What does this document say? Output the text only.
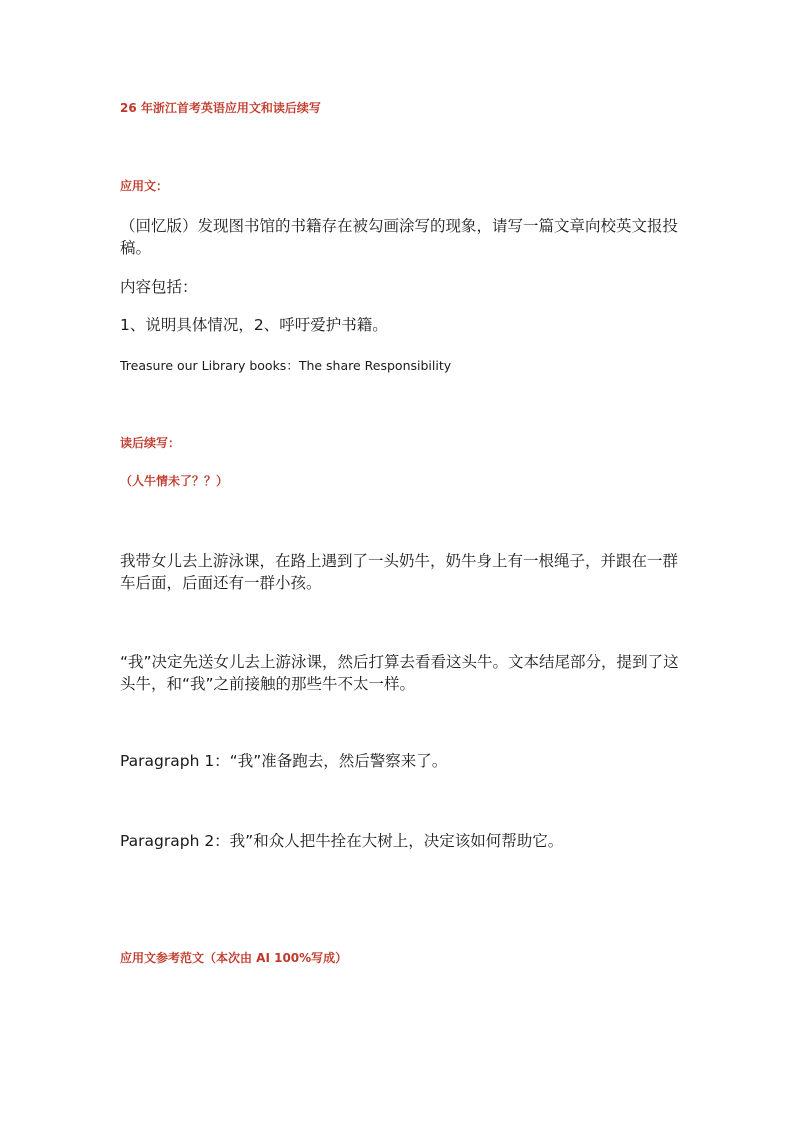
26 年浙江首考英语应用文和读后续写
应用文：
（回忆版）发现图书馆的书籍存在被勾画涂写的现象，请写一篇文章向校英文报投稿。
内容包括：
1、说明具体情况，2、呼吁爱护书籍。
Treasure our Library books：The share Responsibility
读后续写：
（人牛情未了？？）
我带女儿去上游泳课，在路上遇到了一头奶牛，奶牛身上有一根绳子，并跟在一群车后面，后面还有一群小孩。
“我”决定先送女儿去上游泳课，然后打算去看看这头牛。文本结尾部分，提到了这头牛，和“我”之前接触的那些牛不太一样。
Paragraph 1：“我”准备跑去，然后警察来了。
Paragraph 2：我”和众人把牛拴在大树上，决定该如何帮助它。
应用文参考范文（本次由 AI 100%写成）
